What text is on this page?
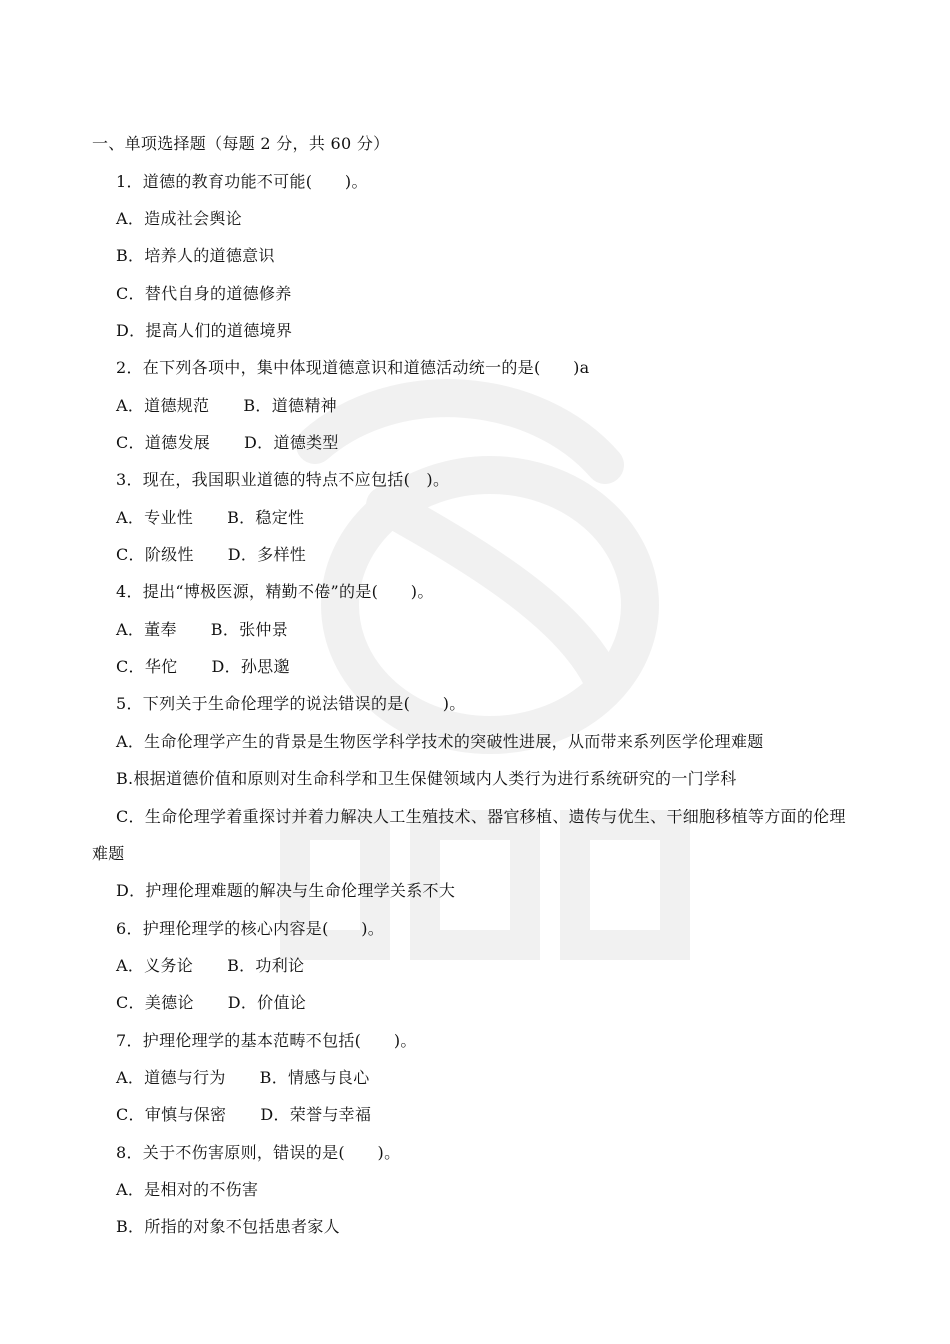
一、单项选择题（每题 2 分，共 60 分）
1．道德的教育功能不可能(　　)。
A．造成社会舆论
B．培养人的道德意识
C．替代自身的道德修养
D．提高人们的道德境界
2．在下列各项中，集中体现道德意识和道德活动统一的是(　　)a
A．道德规范 B．道德精神
C．道德发展 D．道德类型
3．现在，我国职业道德的特点不应包括(　)。
A．专业性 B．稳定性
C．阶级性 D．多样性
4．提出“博极医源，精勤不倦”的是(　　)。
A．董奉 B．张仲景
C．华佗 D．孙思邈
5．下列关于生命伦理学的说法错误的是(　　)。
A．生命伦理学产生的背景是生物医学科学技术的突破性进展，从而带来系列医学伦理难题
B.根据道德价值和原则对生命科学和卫生保健领域内人类行为进行系统研究的一门学科
C．生命伦理学着重探讨并着力解决人工生殖技术、器官移植、遗传与优生、干细胞移植等方面的伦理
难题
D．护理伦理难题的解决与生命伦理学关系不大
6．护理伦理学的核心内容是(　　)。
A．义务论 B．功利论
C．美德论 D．价值论
7．护理伦理学的基本范畴不包括(　　)。
A．道德与行为 B．情感与良心
C．审慎与保密 D．荣誉与幸福
8．关于不伤害原则，错误的是(　　)。
A．是相对的不伤害
B．所指的对象不包括患者家人
